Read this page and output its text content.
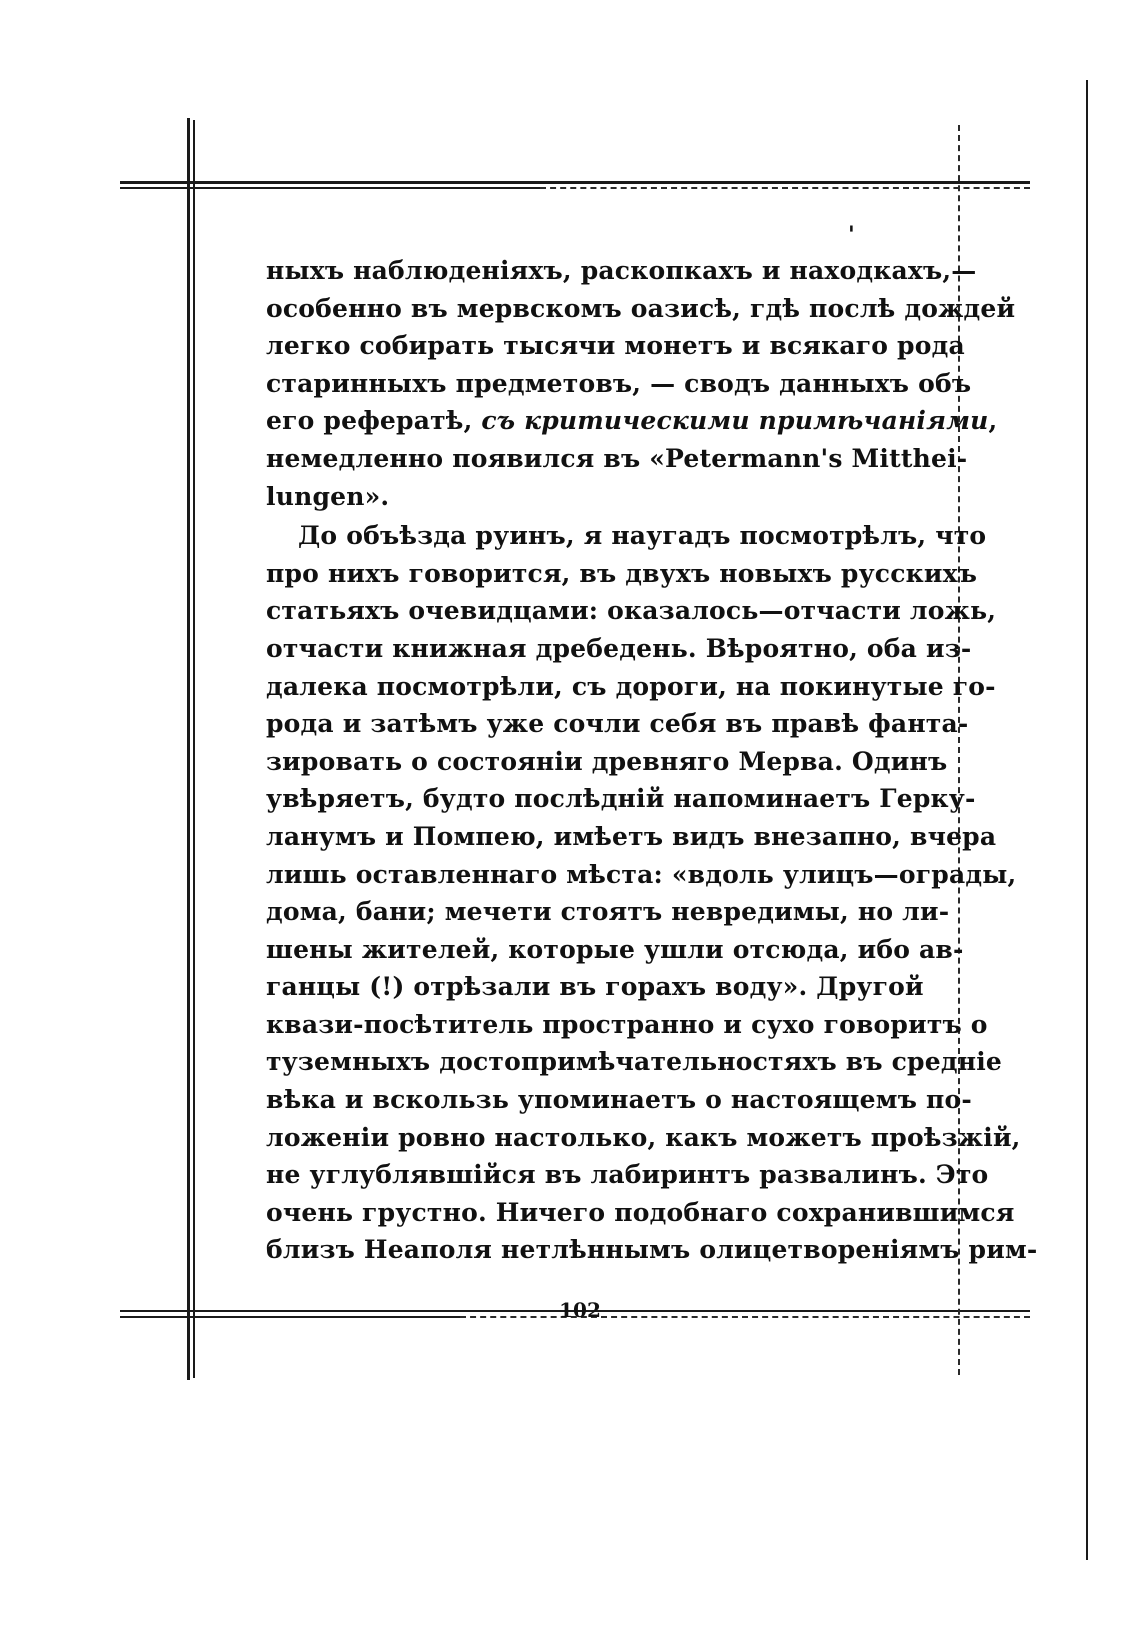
'
ныхъ наблюденіяхъ, раскопкахъ и находкахъ,—
особенно въ мервскомъ оазисѣ, гдѣ послѣ дождей
легко собирать тысячи монетъ и всякаго рода
старинныхъ предметовъ, — сводъ данныхъ объ
его рефератѣ, съ критическими примѣчаніями,
немедленно появился въ «Petermann's Mitthei-
lungen».
До объѣзда руинъ, я наугадъ посмотрѣлъ, что
про нихъ говорится, въ двухъ новыхъ русскихъ
статьяхъ очевидцами: оказалось—отчасти ложь,
отчасти книжная дребедень. Вѣроятно, оба из-
далека посмотрѣли, съ дороги, на покинутые го-
рода и затѣмъ уже сочли себя въ правѣ фанта-
зировать о состояніи древняго Мерва. Одинъ
увѣряетъ, будто послѣдній напоминаетъ Герку-
ланумъ и Помпею, имѣетъ видъ внезапно, вчера
лишь оставленнаго мѣста: «вдоль улицъ—ограды,
дома, бани; мечети стоятъ невредимы, но ли-
шены жителей, которые ушли отсюда, ибо ав-
ганцы (!) отрѣзали въ горахъ воду». Другой
квази-посѣтитель пространно и сухо говоритъ о
туземныхъ достопримѣчательностяхъ въ среднiе
вѣка и вскользь упоминаетъ о настоящемъ по-
ложеніи ровно настолько, какъ можетъ проѣзжій,
не углублявшійся въ лабиринтъ развалинъ. Это
очень грустно. Ничего подобнаго сохранившимся
близъ Неаполя нетлѣннымъ олицетвореніямъ рим-
102
